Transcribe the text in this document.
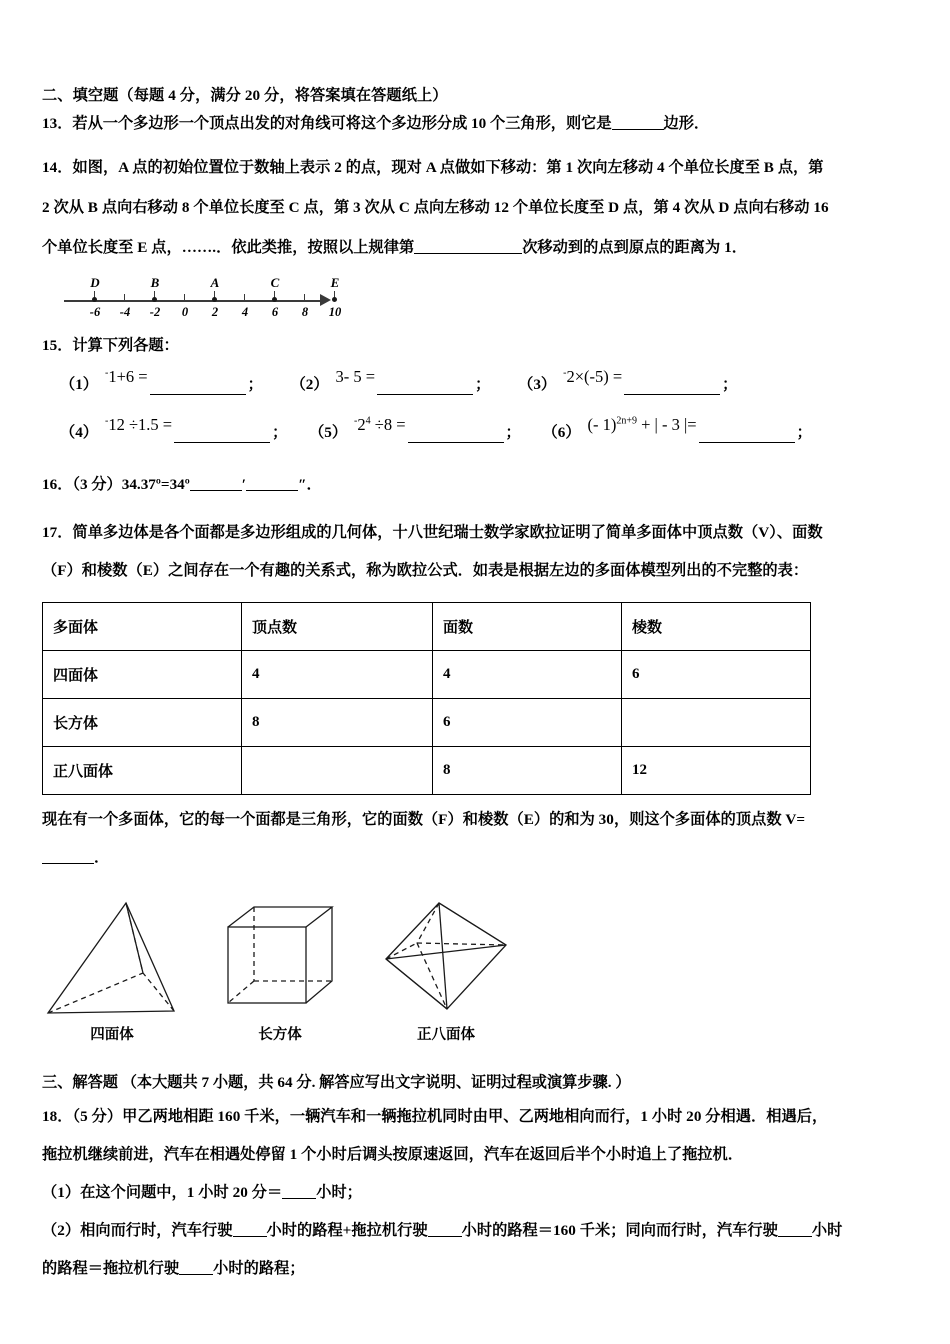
二、填空题（每题 4 分，满分 20 分，将答案填在答题纸上）
13．若从一个多边形一个顶点出发的对角线可将这个多边形分成 10 个三角形，则它是	边形．
14．如图，A 点的初始位置位于数轴上表示 2 的点，现对 A 点做如下移动：第 1 次向左移动 4 个单位长度至 B 点，第
2 次从 B 点向右移动 8 个单位长度至 C 点，第 3 次从 C 点向左移动 12 个单位长度至 D 点，第 4 次从 D 点向右移动 16
个单位长度至 E 点，…….．依此类推，按照以上规律第	次移动到的点到原点的距离为 1．
D	B	A	C	E
-6 -4 -2 0 2 4 6 8 10
15．计算下列各题：
（1）
-1+6 =	； （2） 3- 5 =	； （3）
-2×(-5) =	；
（4）
-12 ÷1.5 =	； （5）
$^-2^4 \div 8$ =	； （6） (- 1)$^{2n+9}$ + | - 3 |=	；
16．（3 分）34.37º=34º	′	″．
17．简单多边体是各个面都是多边形组成的几何体，十八世纪瑞士数学家欧拉证明了简单多面体中顶点数（V）、面数
（F）和棱数（E）之间存在一个有趣的关系式，称为欧拉公式．如表是根据左边的多面体模型列出的不完整的表：
多面体	顶点数	面数	棱数
四面体	4	4	6
长方体	8	6	
正八面体		8	12
现在有一个多面体，它的每一个面都是三角形，它的面数（F）和棱数（E）的和为 30，则这个多面体的顶点数 V=
．
四面体	长方体	正八面体
三、解答题 （本大题共 7 小题，共 64 分. 解答应写出文字说明、证明过程或演算步骤. ）
18．（5 分）甲乙两地相距 160 千米，一辆汽车和一辆拖拉机同时由甲、乙两地相向而行，1 小时 20 分相遇．相遇后，
拖拉机继续前进，汽车在相遇处停留 1 个小时后调头按原速返回，汽车在返回后半个小时追上了拖拉机．
（1）在这个问题中，1 小时 20 分＝ 小时；
（2）相向而行时，汽车行驶 小时的路程+拖拉机行驶 小时的路程＝160 千米；同向而行时，汽车行驶 小时
的路程＝拖拉机行驶 小时的路程；
